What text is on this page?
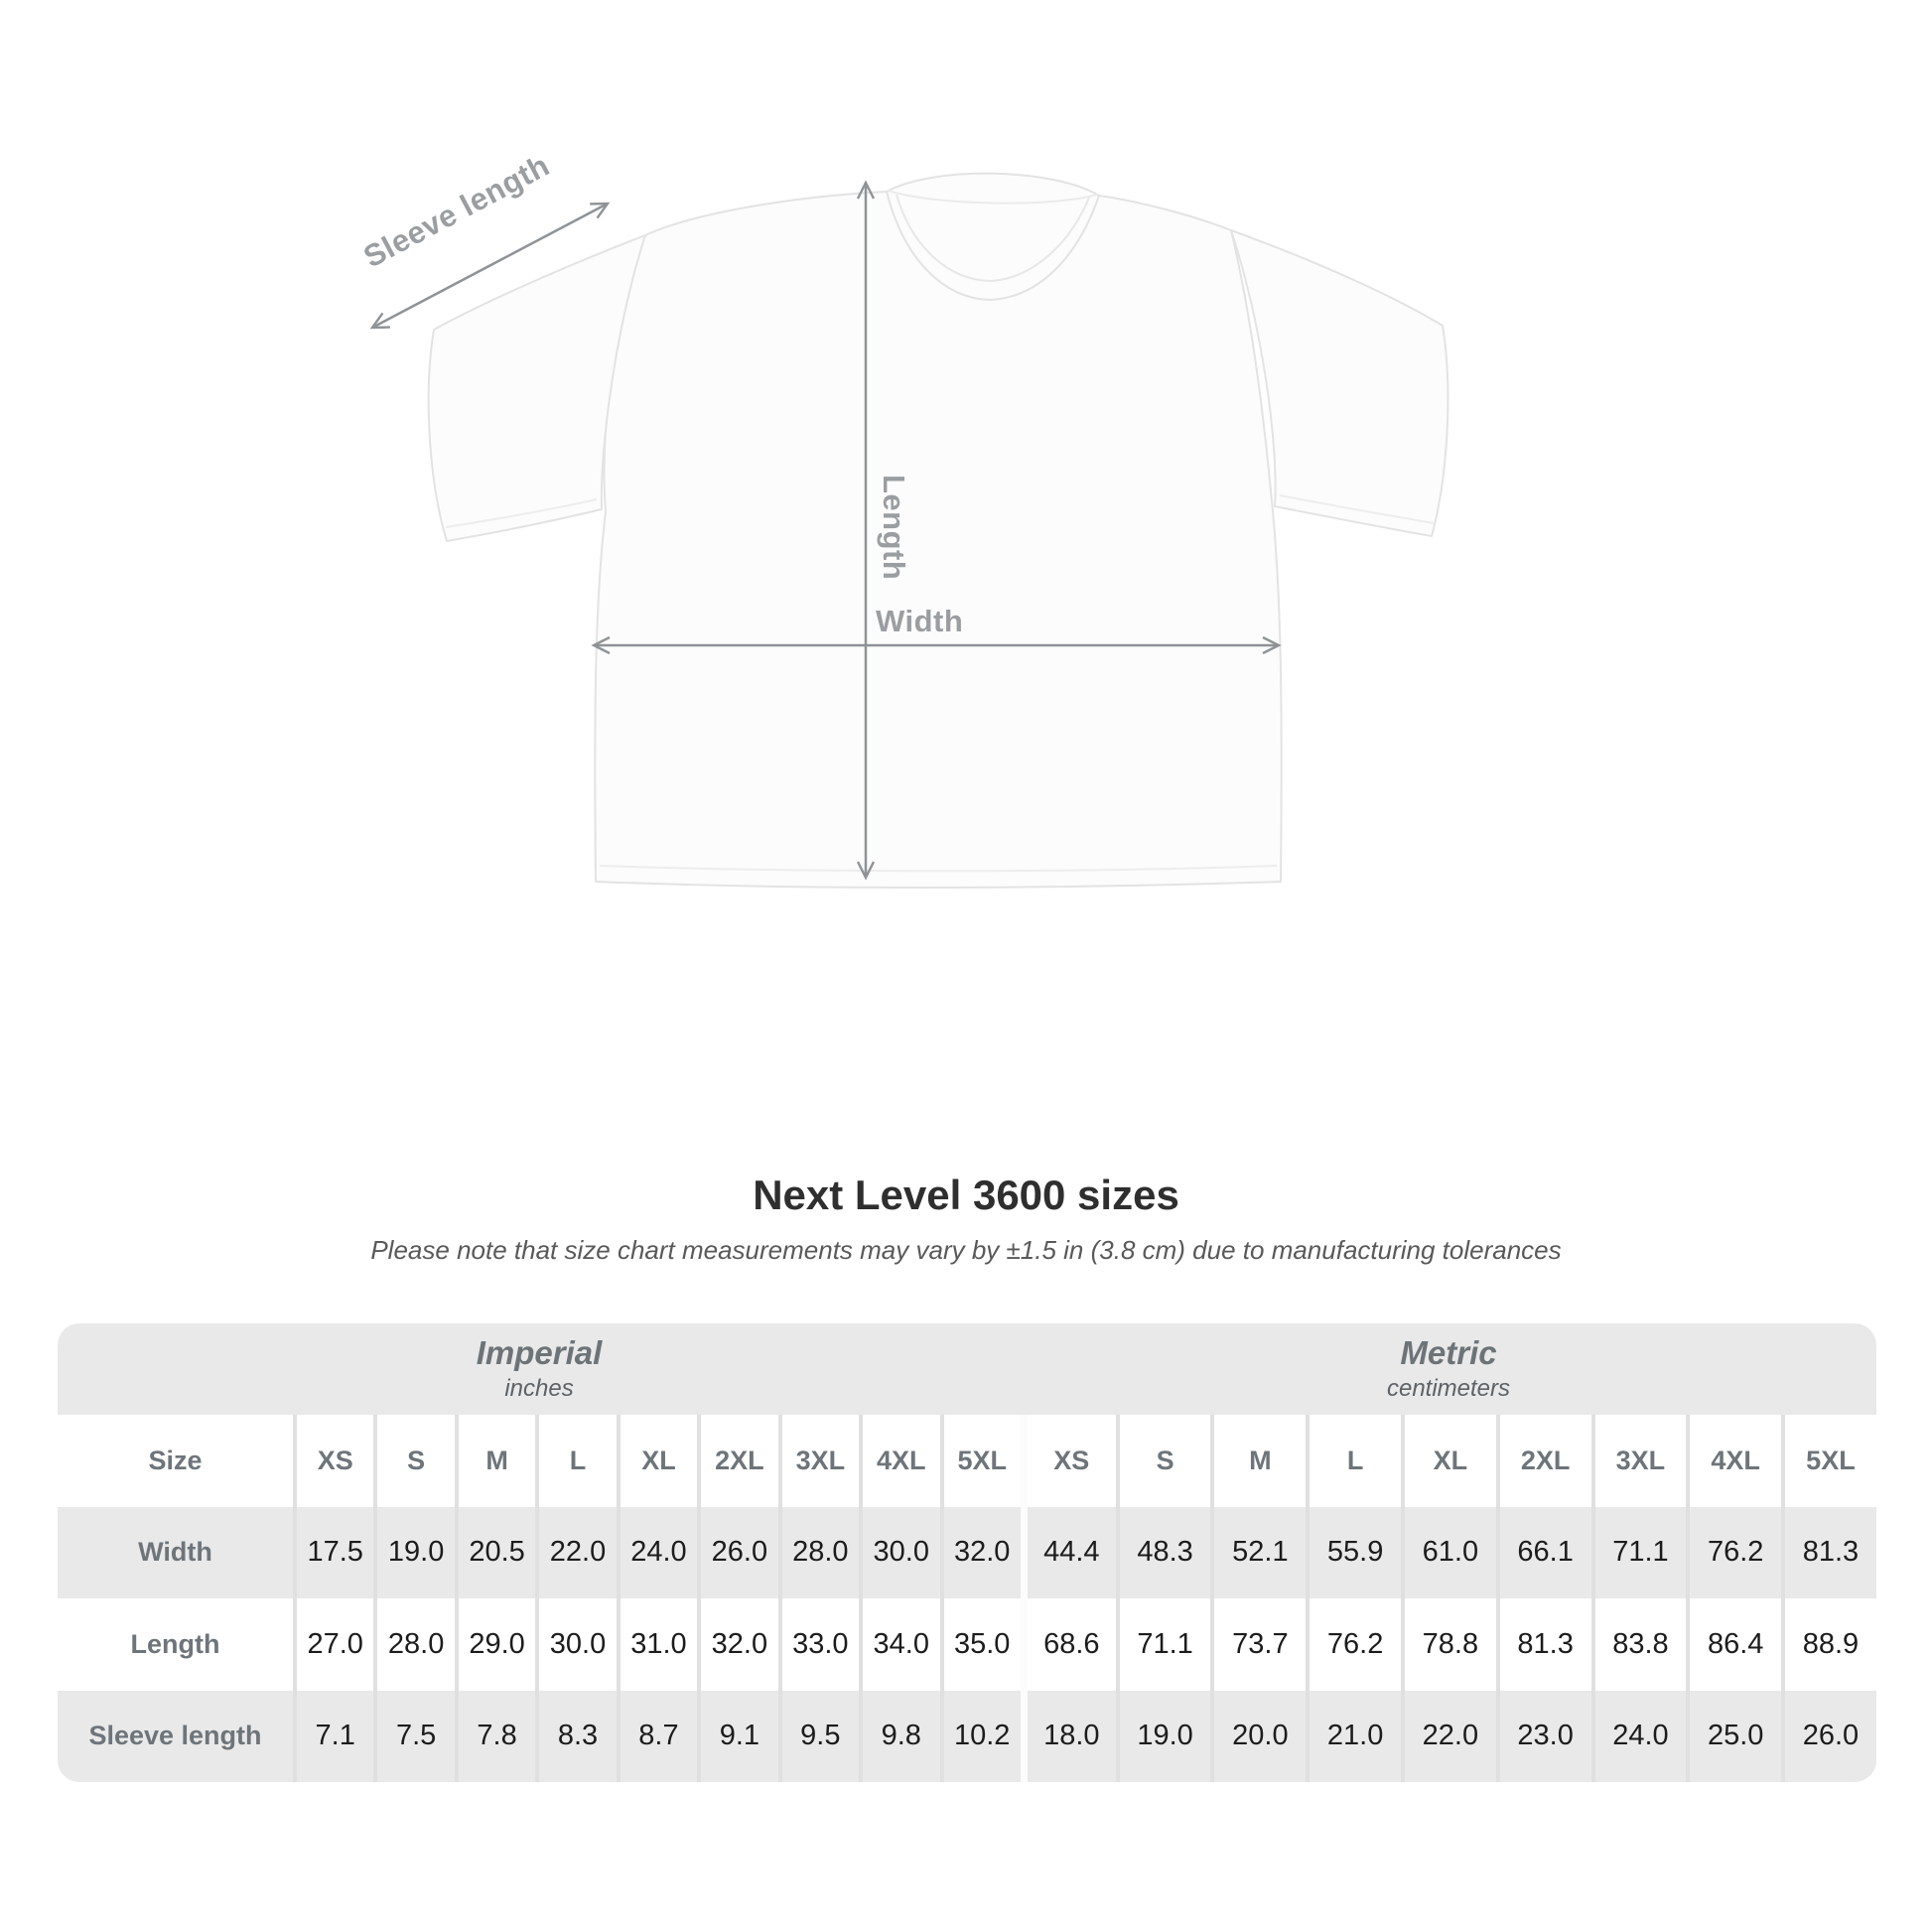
Sleeve length
Length
Width
Next Level 3600 sizes

Please note that size chart measurements may vary by ±1.5 in (3.8 cm) due to manufacturing tolerances

Imperial
inches
Metric
centimeters
Size	XS	S	M	L	XL	2XL	3XL	4XL	5XL	XS	S	M	L	XL	2XL	3XL	4XL	5XL
Width	17.5 19.0 20.5 22.0 24.0 26.0 28.0 30.0 32.0	44.4	48.3	52.1	55.9	61.0	66.1	71.1	76.2	81.3
Length	27.0 28.0 29.0 30.0 31.0 32.0 33.0 34.0 35.0	68.6	71.1	73.7	76.2	78.8	81.3	83.8	86.4	88.9
Sleeve length	7.1	7.5	7.8	8.3	8.7	9.1	9.5	9.8	10.2	18.0	19.0	20.0	21.0	22.0	23.0	24.0	25.0	26.0
